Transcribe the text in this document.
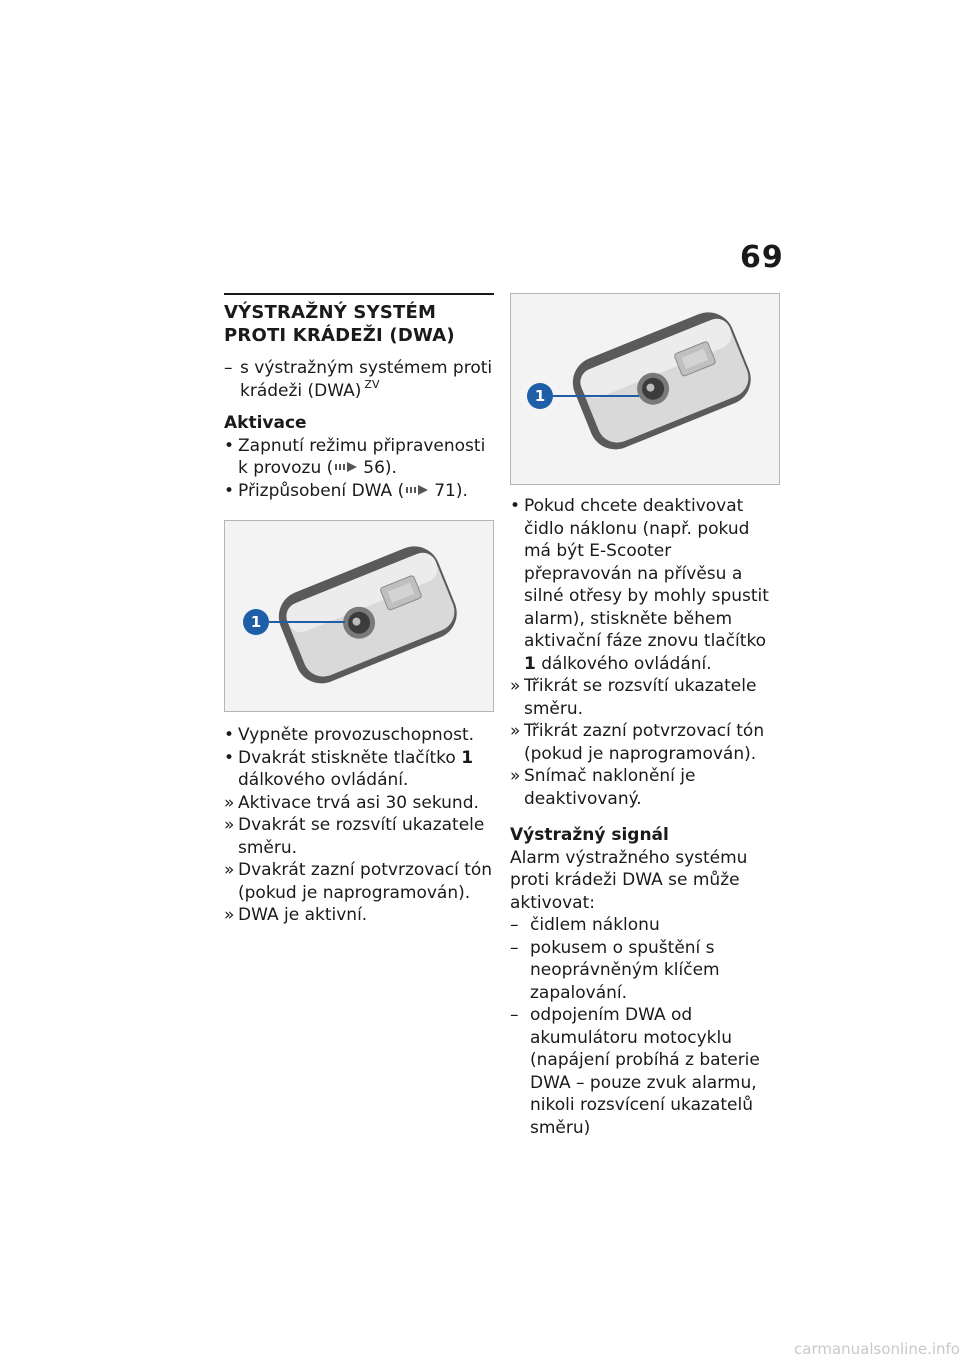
69
VÝSTRAŽNÝ SYSTÉM PROTI KRÁDEŽI (DWA)
– s výstražným systémem proti krádeži (DWA) $^{ZV}$
Aktivace
• Zapnutí režimu připravenosti k provozu ( 56).
• Přizpůsobení DWA ( 71).
1
• Vypněte provozuschopnost.
• Dvakrát stiskněte tlačítko 1 dálkového ovládání.
» Aktivace trvá asi 30 sekund.
» Dvakrát se rozsvítí ukazatele směru.
» Dvakrát zazní potvrzovací tón (pokud je naprogramován).
» DWA je aktivní.
1
• Pokud chcete deaktivovat čidlo náklonu (např. pokud má být E-Scooter přepravován na přívěsu a silné otřesy by mohly spustit alarm), stiskněte během aktivační fáze znovu tlačítko 1 dálkového ovládání.
» Třikrát se rozsvítí ukazatele směru.
» Třikrát zazní potvrzovací tón (pokud je naprogramován).
» Snímač naklonění je deaktivovaný.
Výstražný signál
Alarm výstražného systému proti krádeži DWA se může aktivovat:
– čidlem náklonu
– pokusem o spuštění s neoprávněným klíčem zapalování.
– odpojením DWA od akumulátoru motocyklu (napájení probíhá z baterie DWA – pouze zvuk alarmu, nikoli rozsvícení ukazatelů směru)
carmanualsonline.info
